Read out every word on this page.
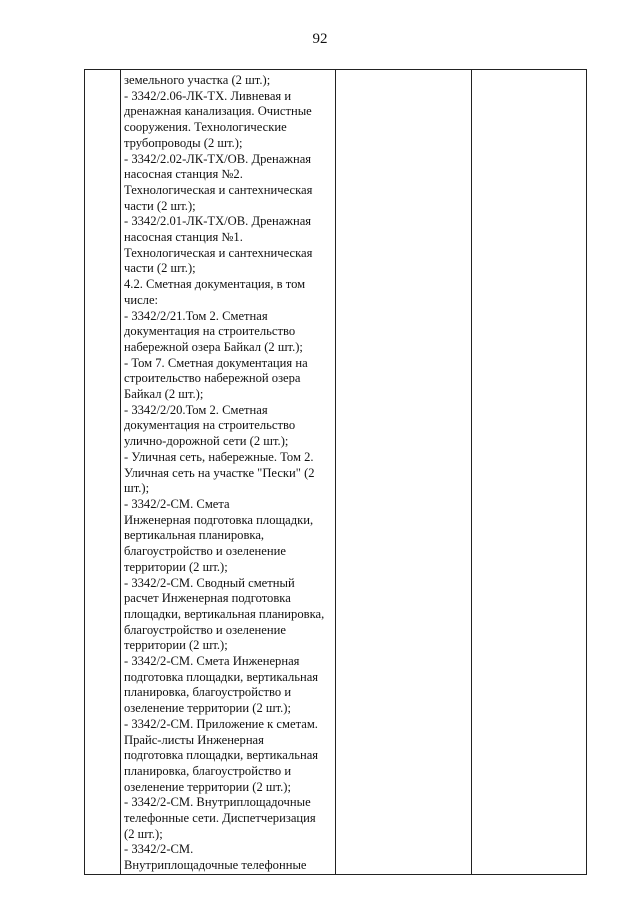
92

земельного участка (2 шт.);
- 3342/2.06-ЛК-ТХ. Ливневая и
дренажная канализация. Очистные
сооружения. Технологические
трубопроводы (2 шт.);
- 3342/2.02-ЛК-ТХ/ОВ. Дренажная
насосная станция №2.
Технологическая и сантехническая
части (2 шт.);
- 3342/2.01-ЛК-ТХ/ОВ. Дренажная
насосная станция №1.
Технологическая и сантехническая
части (2 шт.);
4.2. Сметная документация, в том
числе:
- 3342/2/21.Том 2. Сметная
документация на строительство
набережной озера Байкал (2 шт.);
- Том 7. Сметная документация на
строительство набережной озера
Байкал (2 шт.);
- 3342/2/20.Том 2. Сметная
документация на строительство
улично-дорожной сети (2 шт.);
- Уличная сеть, набережные. Том 2.
Уличная сеть на участке "Пески" (2
шт.);
- 3342/2-СМ. Смета
Инженерная подготовка площадки,
вертикальная планировка,
благоустройство и озеленение
территории (2 шт.);
- 3342/2-СМ. Сводный сметный
расчет Инженерная подготовка
площадки, вертикальная планировка,
благоустройство и озеленение
территории (2 шт.);
- 3342/2-СМ. Смета Инженерная
подготовка площадки, вертикальная
планировка, благоустройство и
озеленение территории (2 шт.);
- 3342/2-СМ. Приложение к сметам.
Прайс-листы Инженерная
подготовка площадки, вертикальная
планировка, благоустройство и
озеленение территории (2 шт.);
- 3342/2-СМ. Внутриплощадочные
телефонные сети. Диспетчеризация
(2 шт.);
- 3342/2-СМ.
Внутриплощадочные телефонные
